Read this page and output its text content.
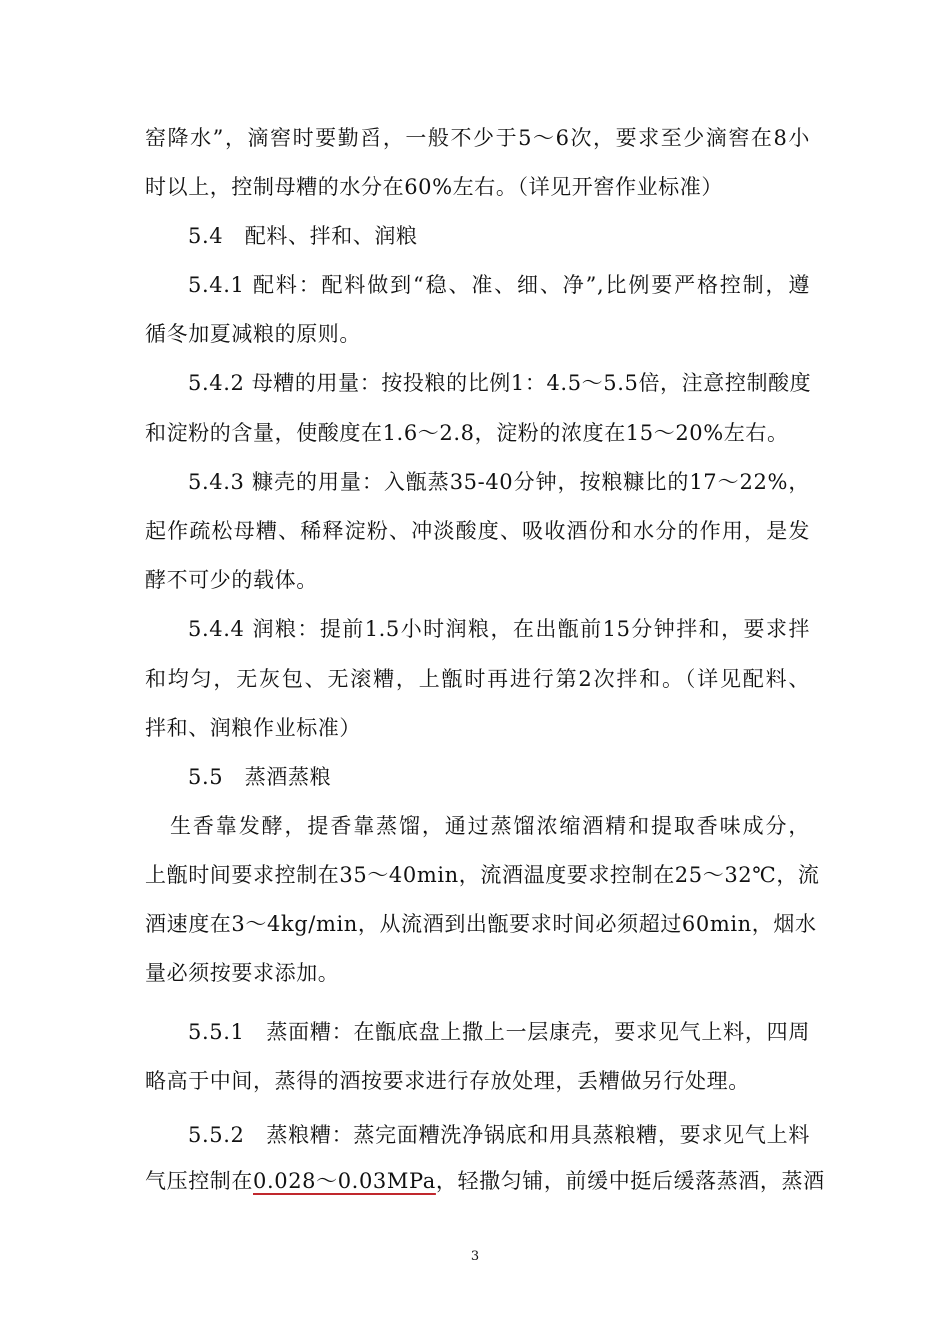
窑降水”，滴窖时要勤舀，一般不少于5～6次，要求至少滴窖在8小
时以上，控制母糟的水分在60%左右。（详见开窖作业标准）
5.4　配料、拌和、润粮
5.4.1 配料：配料做到“稳、准、细、净”,比例要严格控制，遵
循冬加夏减粮的原则。
5.4.2 母糟的用量：按投粮的比例1：4.5～5.5倍，注意控制酸度
和淀粉的含量，使酸度在1.6～2.8，淀粉的浓度在15～20%左右。
5.4.3 糠壳的用量：入甑蒸35-40分钟，按粮糠比的17～22%，
起作疏松母糟、稀释淀粉、冲淡酸度、吸收酒份和水分的作用，是发
酵不可少的载体。
5.4.4 润粮：提前1.5小时润粮，在出甑前15分钟拌和，要求拌
和均匀，无灰包、无滚糟，上甑时再进行第2次拌和。（详见配料、
拌和、润粮作业标准）
5.5　蒸酒蒸粮
生香靠发酵，提香靠蒸馏，通过蒸馏浓缩酒精和提取香味成分，
上甑时间要求控制在35～40min，流酒温度要求控制在25～32℃，流
酒速度在3～4kg/min，从流酒到出甑要求时间必须超过60min，烟水
量必须按要求添加。
5.5.1　蒸面糟：在甑底盘上撒上一层康壳，要求见气上料，四周
略高于中间，蒸得的酒按要求进行存放处理，丢糟做另行处理。
5.5.2　蒸粮糟：蒸完面糟洗净锅底和用具蒸粮糟，要求见气上料
气压控制在0.028～0.03MPa，轻撒匀铺，前缓中挺后缓落蒸酒，蒸酒
3
